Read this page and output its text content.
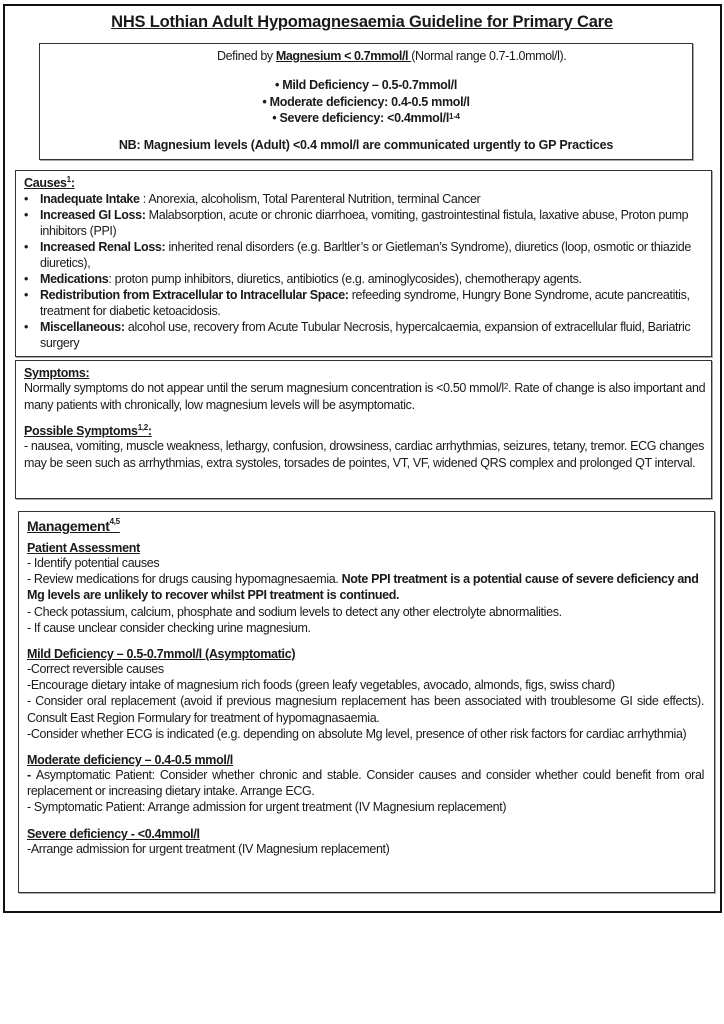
NHS Lothian Adult Hypomagnesaemia Guideline for Primary Care
Defined by Magnesium < 0.7mmol/l (Normal range 0.7-1.0mmol/l).
• Mild Deficiency – 0.5-0.7mmol/l
• Moderate deficiency: 0.4-0.5 mmol/l
• Severe deficiency: $<0.4mmol/l^{1-4}$
NB: Magnesium levels (Adult) <0.4 mmol/l are communicated urgently to GP Practices
Causes$^1$:
• Inadequate Intake : Anorexia, alcoholism, Total Parenteral Nutrition, terminal Cancer
• Increased GI Loss: Malabsorption, acute or chronic diarrhoea, vomiting, gastrointestinal fistula, laxative abuse, Proton pump inhibitors (PPI)
• Increased Renal Loss: inherited renal disorders (e.g. Barltler’s or Gietleman’s Syndrome), diuretics (loop, osmotic or thiazide diuretics),
• Medications: proton pump inhibitors, diuretics, antibiotics (e.g. aminoglycosides), chemotherapy agents.
• Redistribution from Extracellular to Intracellular Space: refeeding syndrome, Hungry Bone Syndrome, acute pancreatitis, treatment for diabetic ketoacidosis.
• Miscellaneous: alcohol use, recovery from Acute Tubular Necrosis, hypercalcaemia, expansion of extracellular fluid, Bariatric surgery
Symptoms:
Normally symptoms do not appear until the serum magnesium concentration is <0.50 mmol/$l^2$. Rate of change is also important and many patients with chronically, low magnesium levels will be asymptomatic.
Possible Symptoms$^{1,2}$:
- nausea, vomiting, muscle weakness, lethargy, confusion, drowsiness, cardiac arrhythmias, seizures, tetany, tremor. ECG changes may be seen such as arrhythmias, extra systoles, torsades de pointes, VT, VF, widened QRS complex and prolonged QT interval.
Management$^{4,5}$
Patient Assessment
- Identify potential causes
- Review medications for drugs causing hypomagnesaemia. Note PPI treatment is a potential cause of severe deficiency and Mg levels are unlikely to recover whilst PPI treatment is continued.
- Check potassium, calcium, phosphate and sodium levels to detect any other electrolyte abnormalities.
- If cause unclear consider checking urine magnesium.
Mild Deficiency – 0.5-0.7mmol/l (Asymptomatic)
-Correct reversible causes
-Encourage dietary intake of magnesium rich foods (green leafy vegetables, avocado, almonds, figs, swiss chard)
- Consider oral replacement (avoid if previous magnesium replacement has been associated with troublesome GI side effects). Consult East Region Formulary for treatment of hypomagnasaemia.
-Consider whether ECG is indicated (e.g. depending on absolute Mg level, presence of other risk factors for cardiac arrhythmia)
Moderate deficiency – 0.4-0.5 mmol/l
- Asymptomatic Patient: Consider whether chronic and stable. Consider causes and consider whether could benefit from oral replacement or increasing dietary intake. Arrange ECG.
- Symptomatic Patient: Arrange admission for urgent treatment (IV Magnesium replacement)
Severe deficiency - <0.4mmol/l
-Arrange admission for urgent treatment (IV Magnesium replacement)
